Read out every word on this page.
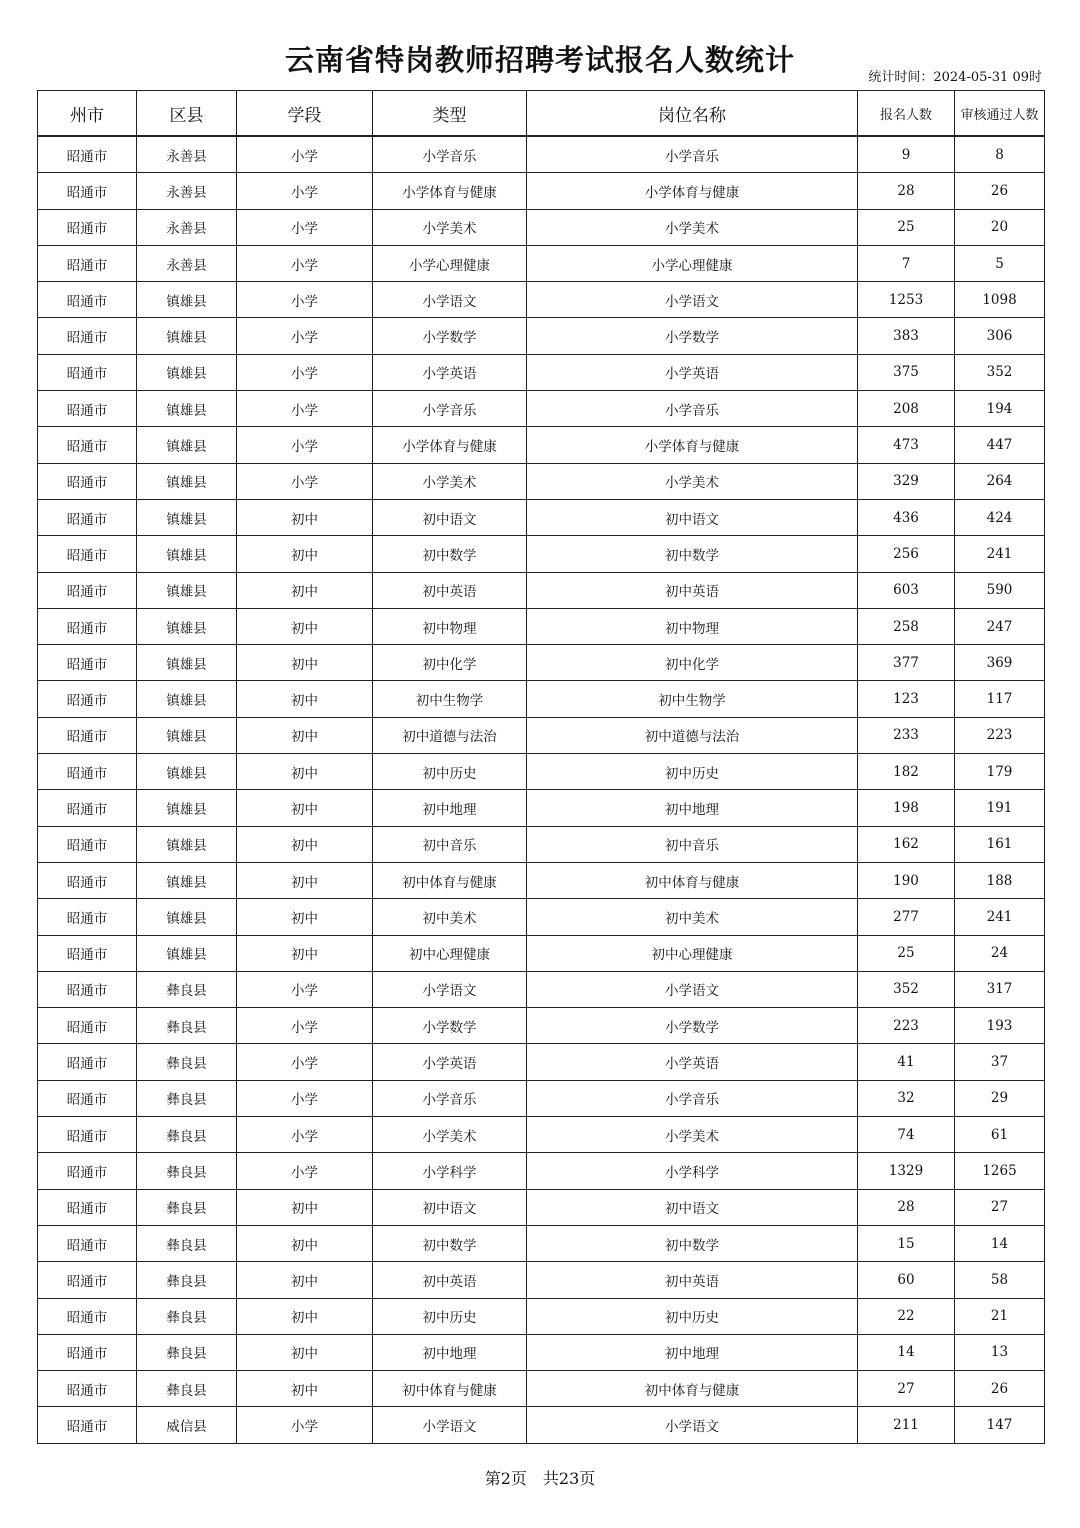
云南省特岗教师招聘考试报名人数统计
统计时间：2024-05-31 09时
州市	区县	学段	类型	岗位名称	报名人数	审核通过人数
昭通市	永善县	小学	小学音乐	小学音乐	9	8
昭通市	永善县	小学	小学体育与健康	小学体育与健康	28	26
昭通市	永善县	小学	小学美术	小学美术	25	20
昭通市	永善县	小学	小学心理健康	小学心理健康	7	5
昭通市	镇雄县	小学	小学语文	小学语文	1253	1098
昭通市	镇雄县	小学	小学数学	小学数学	383	306
昭通市	镇雄县	小学	小学英语	小学英语	375	352
昭通市	镇雄县	小学	小学音乐	小学音乐	208	194
昭通市	镇雄县	小学	小学体育与健康	小学体育与健康	473	447
昭通市	镇雄县	小学	小学美术	小学美术	329	264
昭通市	镇雄县	初中	初中语文	初中语文	436	424
昭通市	镇雄县	初中	初中数学	初中数学	256	241
昭通市	镇雄县	初中	初中英语	初中英语	603	590
昭通市	镇雄县	初中	初中物理	初中物理	258	247
昭通市	镇雄县	初中	初中化学	初中化学	377	369
昭通市	镇雄县	初中	初中生物学	初中生物学	123	117
昭通市	镇雄县	初中	初中道德与法治	初中道德与法治	233	223
昭通市	镇雄县	初中	初中历史	初中历史	182	179
昭通市	镇雄县	初中	初中地理	初中地理	198	191
昭通市	镇雄县	初中	初中音乐	初中音乐	162	161
昭通市	镇雄县	初中	初中体育与健康	初中体育与健康	190	188
昭通市	镇雄县	初中	初中美术	初中美术	277	241
昭通市	镇雄县	初中	初中心理健康	初中心理健康	25	24
昭通市	彝良县	小学	小学语文	小学语文	352	317
昭通市	彝良县	小学	小学数学	小学数学	223	193
昭通市	彝良县	小学	小学英语	小学英语	41	37
昭通市	彝良县	小学	小学音乐	小学音乐	32	29
昭通市	彝良县	小学	小学美术	小学美术	74	61
昭通市	彝良县	小学	小学科学	小学科学	1329	1265
昭通市	彝良县	初中	初中语文	初中语文	28	27
昭通市	彝良县	初中	初中数学	初中数学	15	14
昭通市	彝良县	初中	初中英语	初中英语	60	58
昭通市	彝良县	初中	初中历史	初中历史	22	21
昭通市	彝良县	初中	初中地理	初中地理	14	13
昭通市	彝良县	初中	初中体育与健康	初中体育与健康	27	26
昭通市	威信县	小学	小学语文	小学语文	211	147
第2页　共23页
